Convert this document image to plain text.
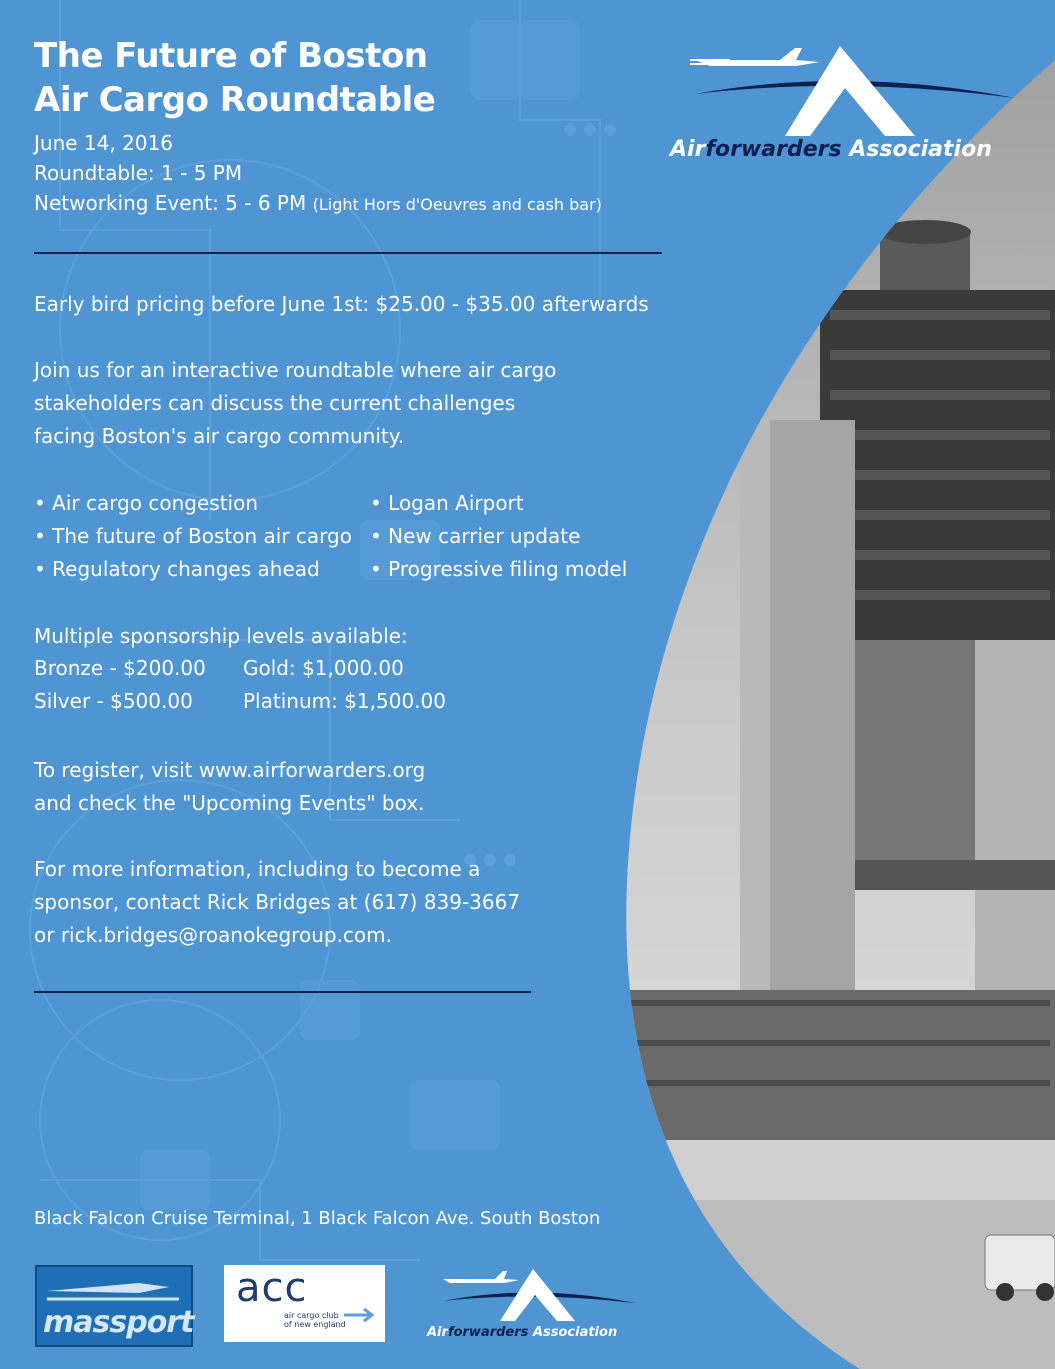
Airforwarders Association
The Future of Boston
Air Cargo Roundtable
June 14, 2016
Roundtable: 1 - 5 PM
Networking Event: 5 - 6 PM (Light Hors d'Oeuvres and cash bar)
Early bird pricing before June 1st: $25.00 - $35.00 afterwards
Join us for an interactive roundtable where air cargo
stakeholders can discuss the current challenges
facing Boston's air cargo community.
• Air cargo congestion
• The future of Boston air cargo
• Regulatory changes ahead
• Logan Airport
• New carrier update
• Progressive filing model
Multiple sponsorship levels available:
Bronze - $200.00 Gold: $1,000.00
Silver - $500.00	Platinum: $1,500.00
To register, visit www.airforwarders.org
and check the "Upcoming Events" box.
For more information, including to become a
sponsor, contact Rick Bridges at (617) 839-3667
or rick.bridges@roanokegroup.com.
Black Falcon Cruise Terminal, 1 Black Falcon Ave. South Boston
massport
acc
air cargo club
of new england
Airforwarders Association
